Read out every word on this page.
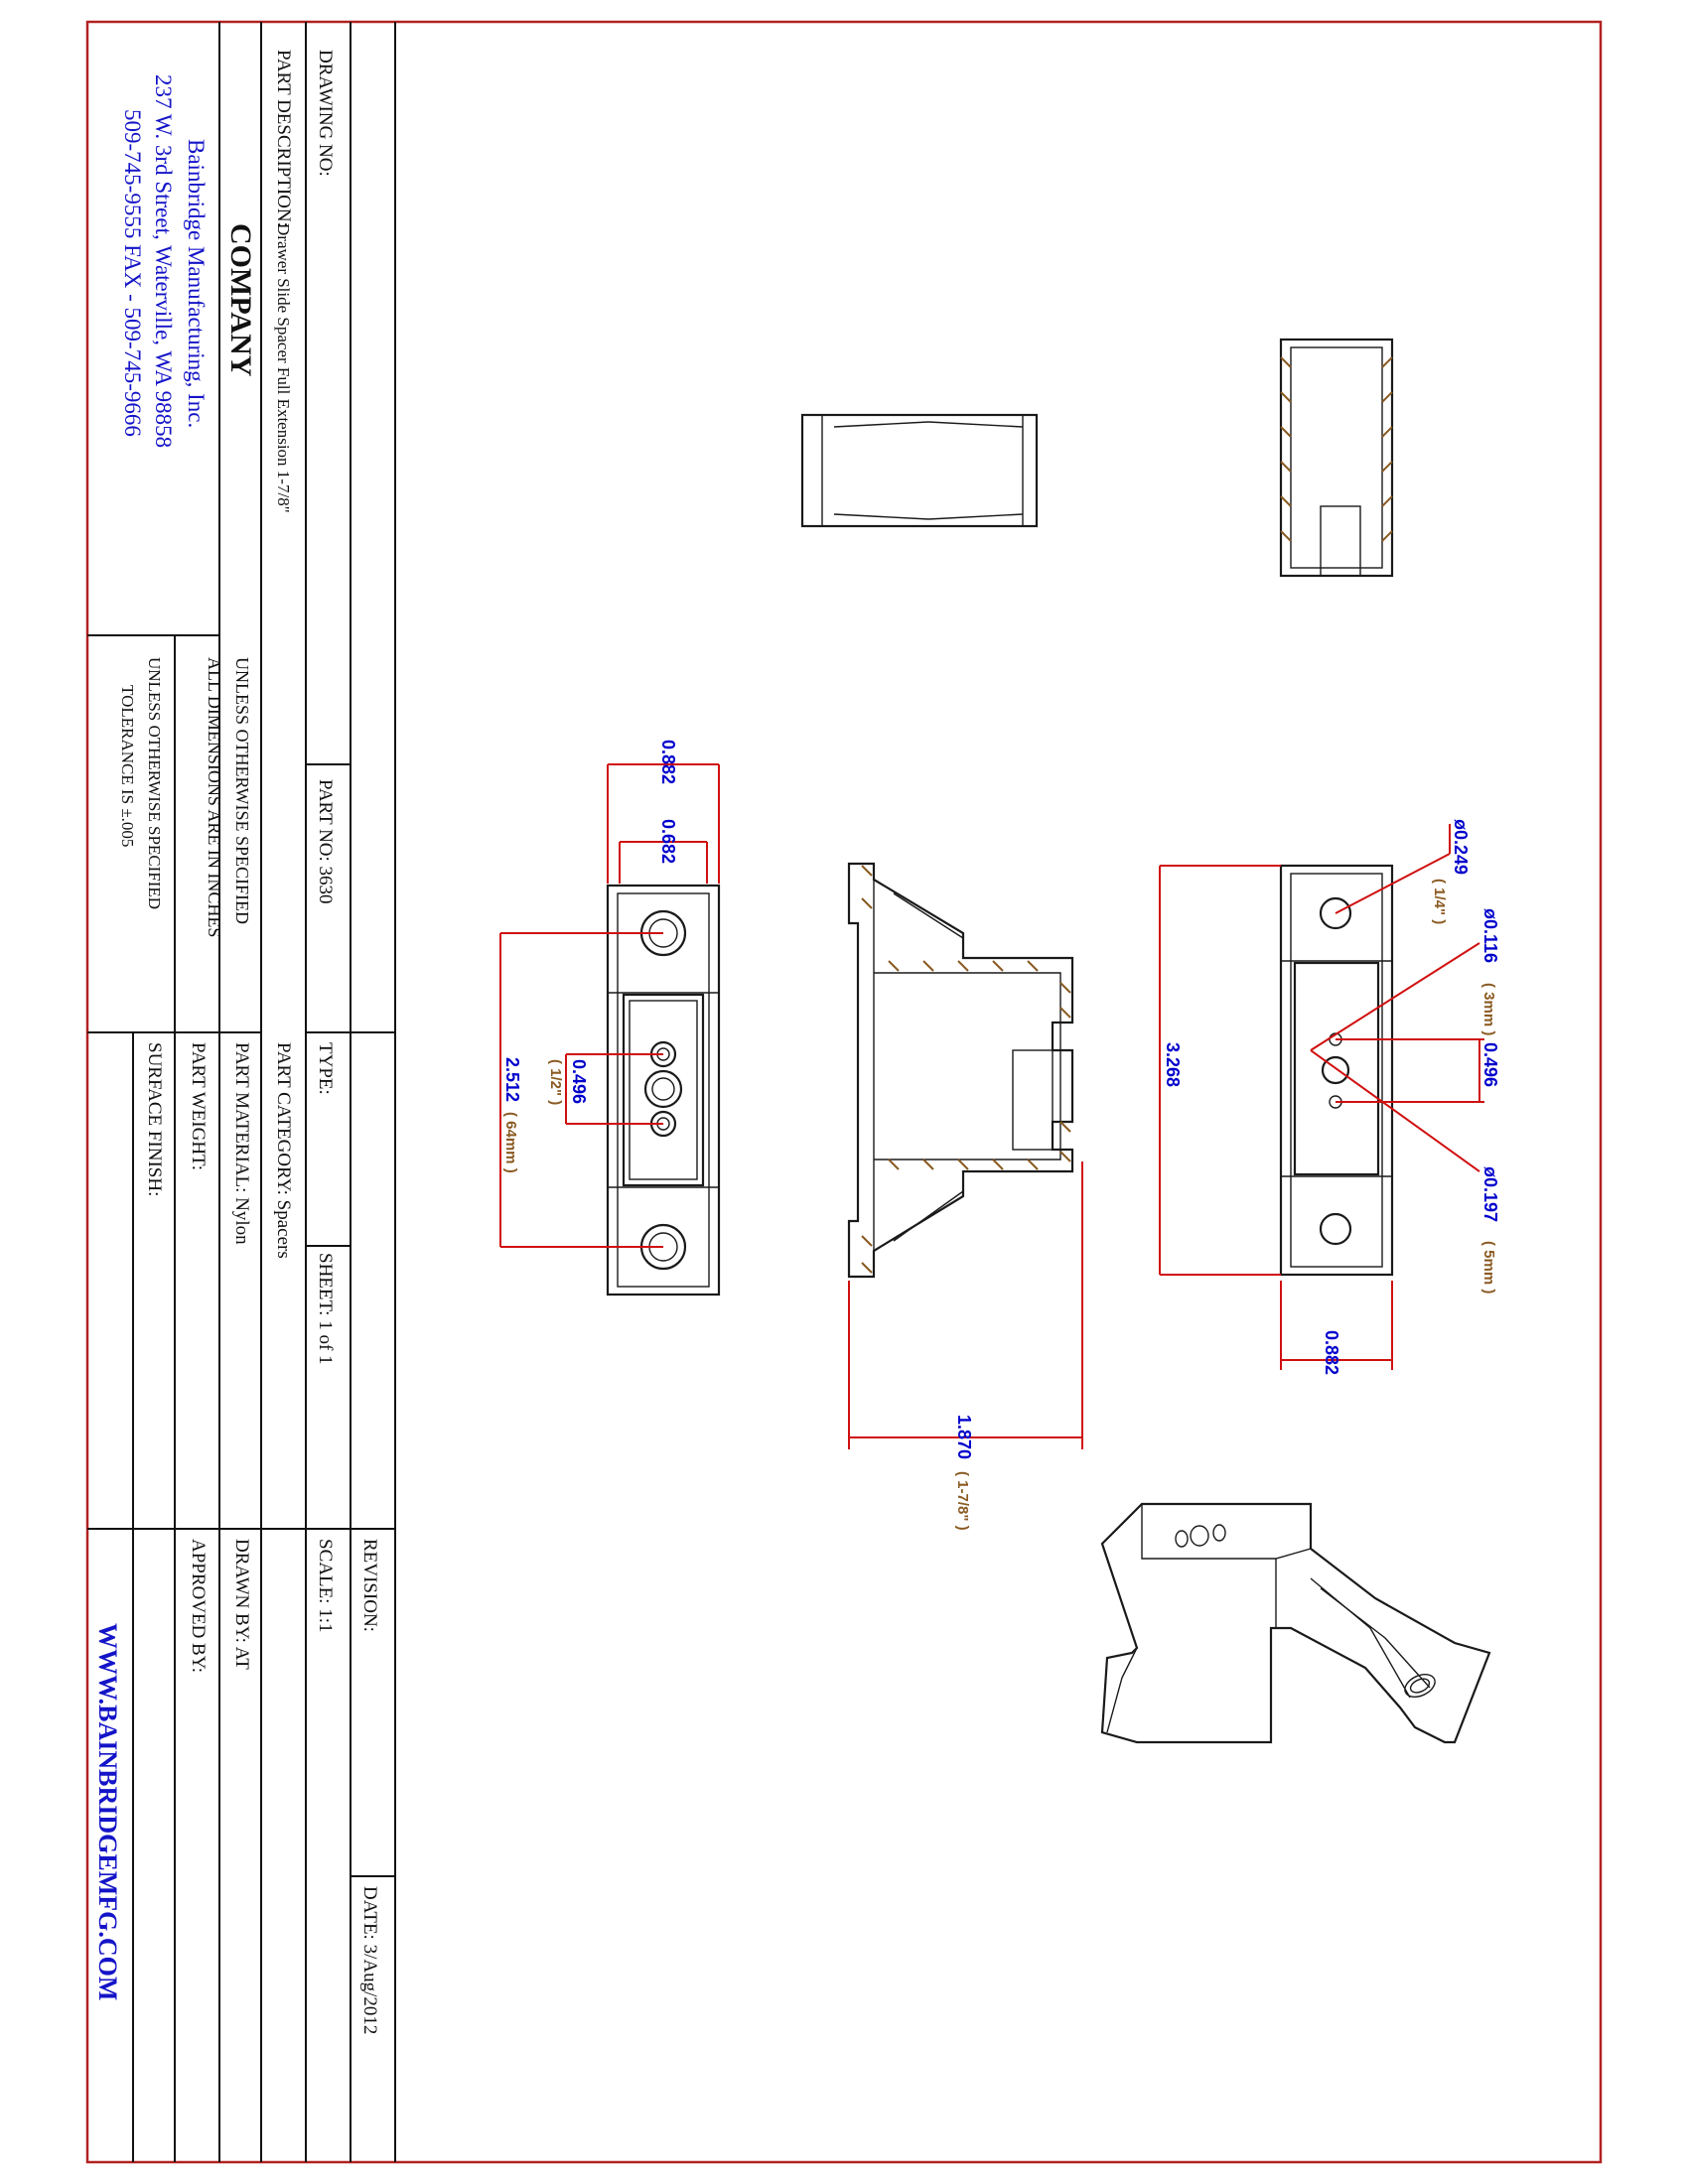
DRAWING NO:
PART DESCRIPTION:
Drawer Slide Spacer Full Extension 1-7/8"
COMPANY
Bainbridge Manufacturing, Inc.
237 W. 3rd Street, Waterville, WA 98858
509-745-9555 FAX - 509-745-9666
PART NO: 3630
UNLESS OTHERWISE SPECIFIED
ALL DIMENSIONS ARE IN INCHES
UNLESS OTHERWISE SPECIFIED
TOLERANCE IS ±.005
TYPE:
SHEET: 1 of 1
PART CATEGORY: Spacers
PART MATERIAL: Nylon
PART WEIGHT:
SURFACE FINISH:
REVISION:
SCALE: 1:1
DRAWN BY: AT
APPROVED BY:
DATE: 3/Aug/2012
WWW.BAINBRIDGEMFG.COM
0.882
0.682
2.512
( 64mm )
0.496
( 1/2" )
1.870
( 1-7/8" )
3.268
0.882
ø0.249
( 1/4" )
ø0.116
( 3mm )
0.496
ø0.197
( 5mm )
